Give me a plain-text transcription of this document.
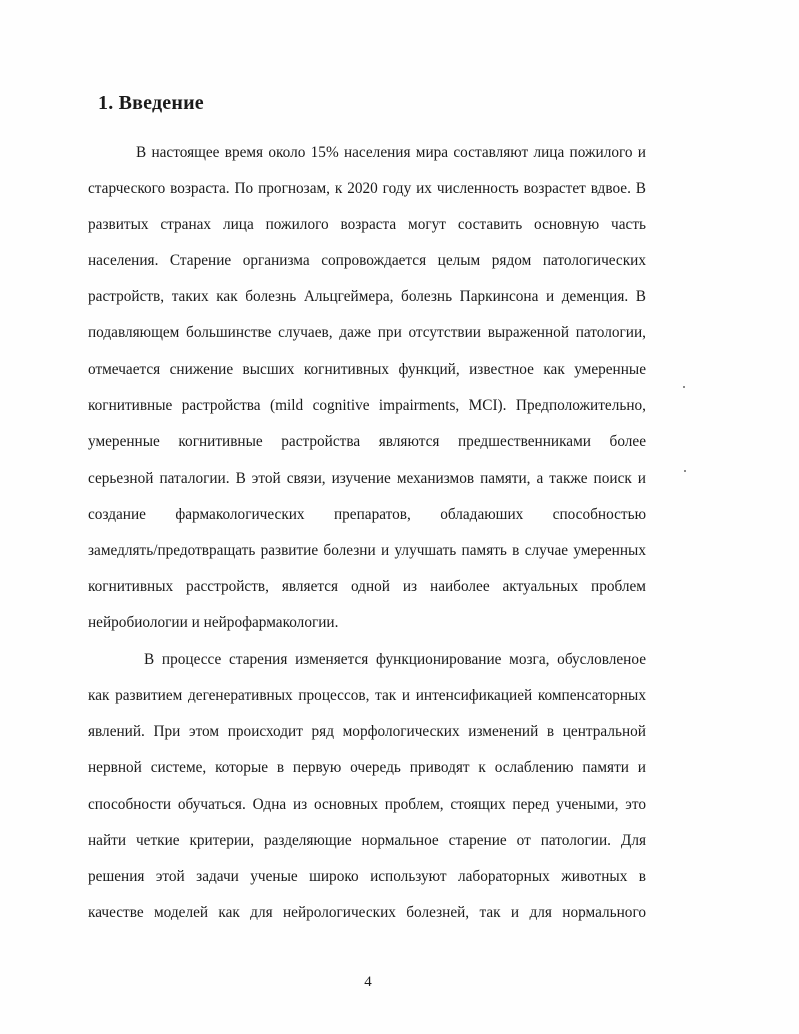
1. Введение

В настоящее время около 15% населения мира составляют лица пожилого и

старческого возраста. По прогнозам, к 2020 году их численность возрастет вдвое. В

развитых странах лица пожилого возраста могут составить основную часть

населения. Старение организма сопровождается целым рядом патологических

растройств, таких как болезнь Альцгеймера, болезнь Паркинсона и деменция. В

подавляющем большинстве случаев, даже при отсутствии выраженной патологии,

отмечается снижение высших когнитивных функций, известное как умеренные

когнитивные растройства (mild cognitive impairments, MCI). Предположительно,

умеренные когнитивные растройства являются предшественниками более

серьезной паталогии. В этой связи, изучение механизмов памяти, а также поиск и

создание фармакологических препаратов, обладаюших способностью

замедлять/предотвращать развитие болезни и улучшать память в случае умеренных

когнитивных расстройств, является одной из наиболее актуальных проблем

нейробиологии и нейрофармакологии.

В процессе старения изменяется функционирование мозга, обусловленое

как развитием дегенеративных процессов, так и интенсификацией компенсаторных

явлений. При этом происходит ряд морфологических изменений в центральной

нервной системе, которые в первую очередь приводят к ослаблению памяти и

способности обучаться. Одна из основных проблем, стоящих перед учеными, это

найти четкие критерии, разделяющие нормальное старение от патологии. Для

решения этой задачи ученые широко используют лабораторных животных в

качестве моделей как для нейрологических болезней, так и для нормального

4
